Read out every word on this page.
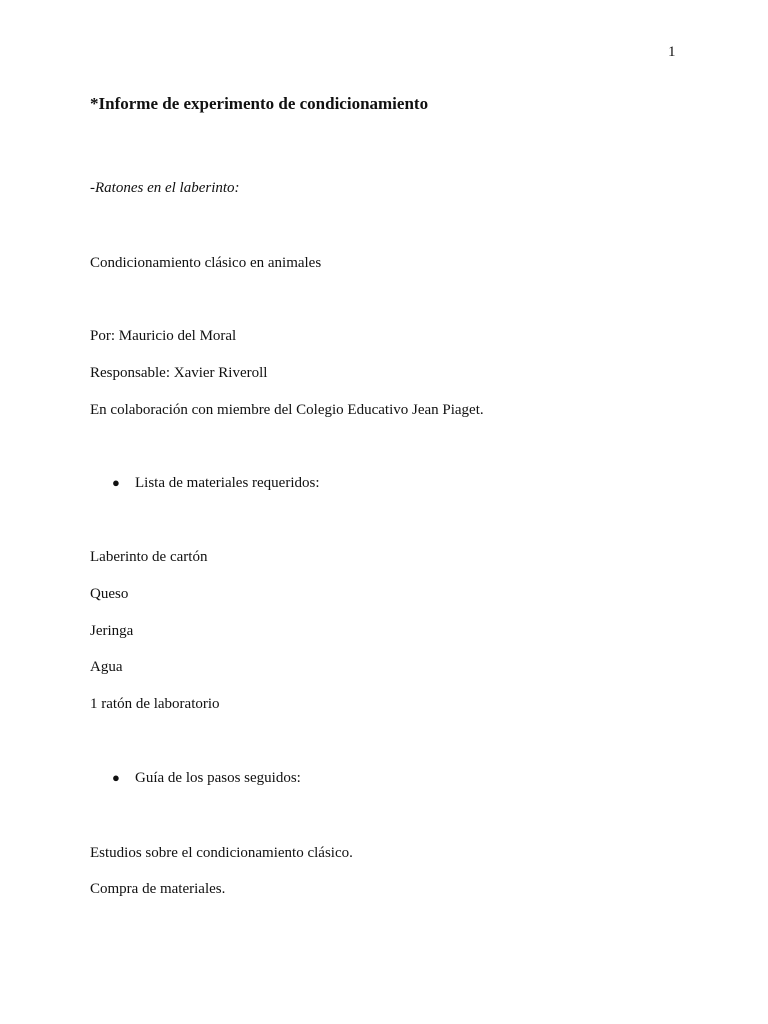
1
*Informe de experimento de condicionamiento
-Ratones en el laberinto:
Condicionamiento clásico en animales
Por: Mauricio del Moral
Responsable: Xavier Riveroll
En colaboración con miembre del Colegio Educativo Jean Piaget.
● Lista de materiales requeridos:
Laberinto de cartón
Queso
Jeringa
Agua
1 ratón de laboratorio
● Guía de los pasos seguidos:
Estudios sobre el condicionamiento clásico.
Compra de materiales.
